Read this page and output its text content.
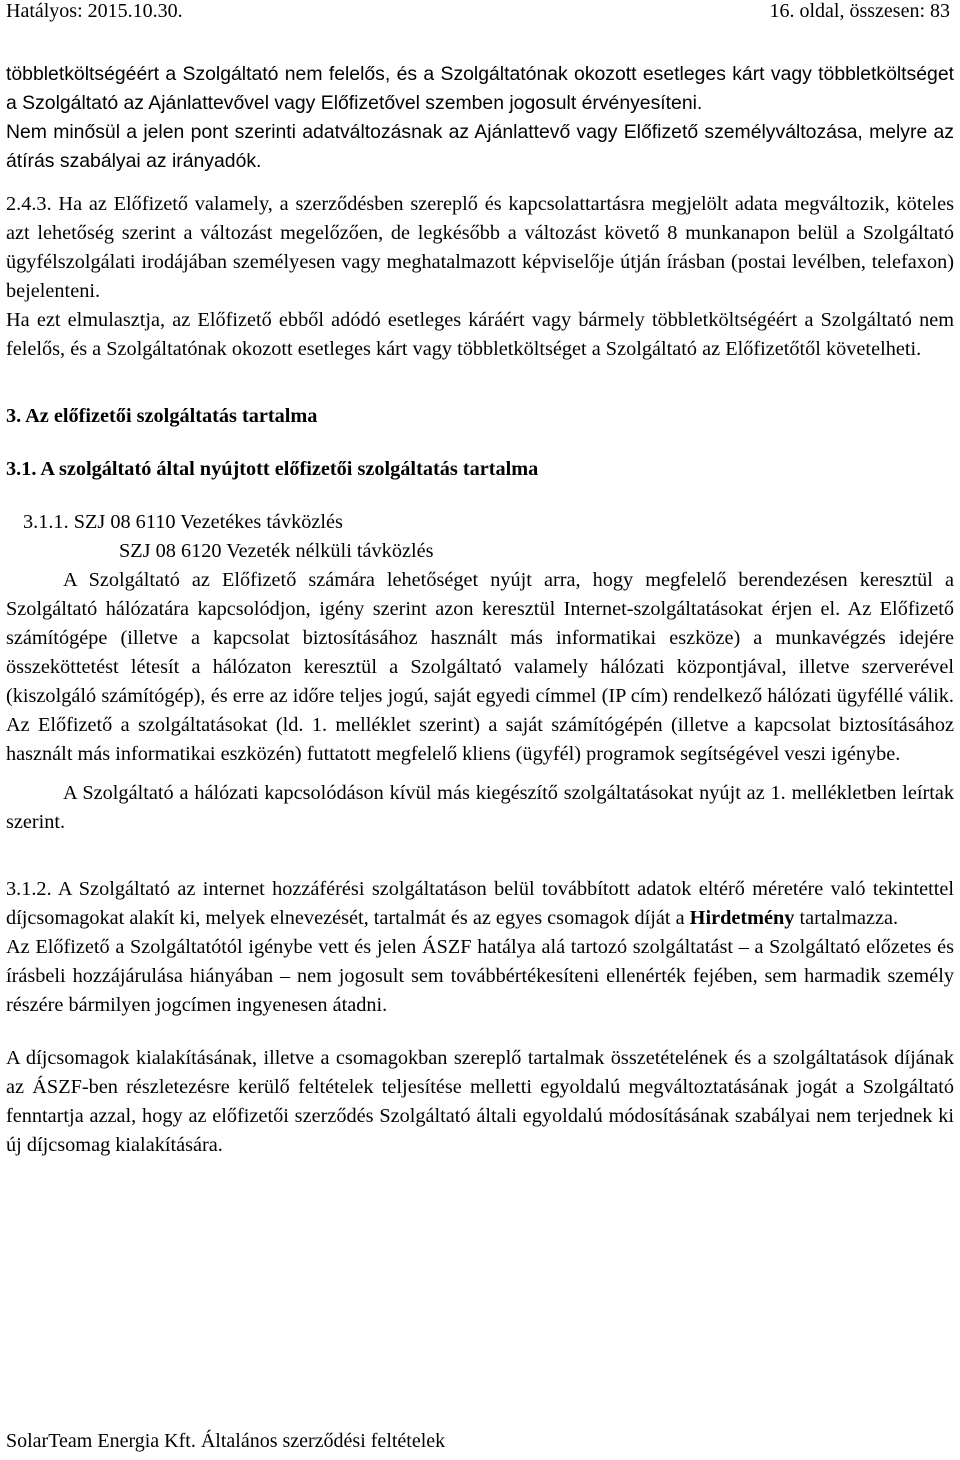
Hatályos: 2015.10.30.	16. oldal, összesen: 83

többletköltségéért a Szolgáltató nem felelős, és a Szolgáltatónak okozott esetleges kárt vagy többletköltséget a Szolgáltató az Ajánlattevővel vagy Előfizetővel szemben jogosult érvényesíteni.

Nem minősül a jelen pont szerinti adatváltozásnak az Ajánlattevő vagy Előfizető személyváltozása, melyre az átírás szabályai az irányadók.

2.4.3. Ha az Előfizető valamely, a szerződésben szereplő és kapcsolattartásra megjelölt adata megváltozik, köteles azt lehetőség szerint a változást megelőzően, de legkésőbb a változást követő 8 munkanapon belül a Szolgáltató ügyfélszolgálati irodájában személyesen vagy meghatalmazott képviselője útján írásban (postai levélben, telefaxon) bejelenteni.

Ha ezt elmulasztja, az Előfizető ebből adódó esetleges káráért vagy bármely többletköltségéért a Szolgáltató nem felelős, és a Szolgáltatónak okozott esetleges kárt vagy többletköltséget a Szolgáltató az Előfizetőtől követelheti.

3. Az előfizetői szolgáltatás tartalma
3.1. A szolgáltató által nyújtott előfizetői szolgáltatás tartalma

3.1.1. SZJ 08 6110 Vezetékes távközlés

SZJ 08 6120 Vezeték nélküli távközlés

A Szolgáltató az Előfizető számára lehetőséget nyújt arra, hogy megfelelő berendezésen keresztül a Szolgáltató hálózatára kapcsolódjon, igény szerint azon keresztül Internet-szolgáltatásokat érjen el. Az Előfizető számítógépe (illetve a kapcsolat biztosításához használt más informatikai eszköze) a munkavégzés idejére összeköttetést létesít a hálózaton keresztül a Szolgáltató valamely hálózati központjával, illetve szerverével (kiszolgáló számítógép), és erre az időre teljes jogú, saját egyedi címmel (IP cím) rendelkező hálózati ügyféllé válik. Az Előfizető a szolgáltatásokat (ld. 1. melléklet szerint) a saját számítógépén (illetve a kapcsolat biztosításához használt más informatikai eszközén) futtatott megfelelő kliens (ügyfél) programok segítségével veszi igénybe.

A Szolgáltató a hálózati kapcsolódáson kívül más kiegészítő szolgáltatásokat nyújt az 1. mellékletben leírtak szerint.

3.1.2. A Szolgáltató az internet hozzáférési szolgáltatáson belül továbbított adatok eltérő méretére való tekintettel díjcsomagokat alakít ki, melyek elnevezését, tartalmát és az egyes csomagok díját a Hirdetmény tartalmazza.

Az Előfizető a Szolgáltatótól igénybe vett és jelen ÁSZF hatálya alá tartozó szolgáltatást – a Szolgáltató előzetes és írásbeli hozzájárulása hiányában – nem jogosult sem továbbértékesíteni ellenérték fejében, sem harmadik személy részére bármilyen jogcímen ingyenesen átadni.

A díjcsomagok kialakításának, illetve a csomagokban szereplő tartalmak összetételének és a szolgáltatások díjának az ÁSZF-ben részletezésre kerülő feltételek teljesítése melletti egyoldalú megváltoztatásának jogát a Szolgáltató fenntartja azzal, hogy az előfizetői szerződés Szolgáltató általi egyoldalú módosításának szabályai nem terjednek ki új díjcsomag kialakítására.

SolarTeam Energia Kft. Általános szerződési feltételek
